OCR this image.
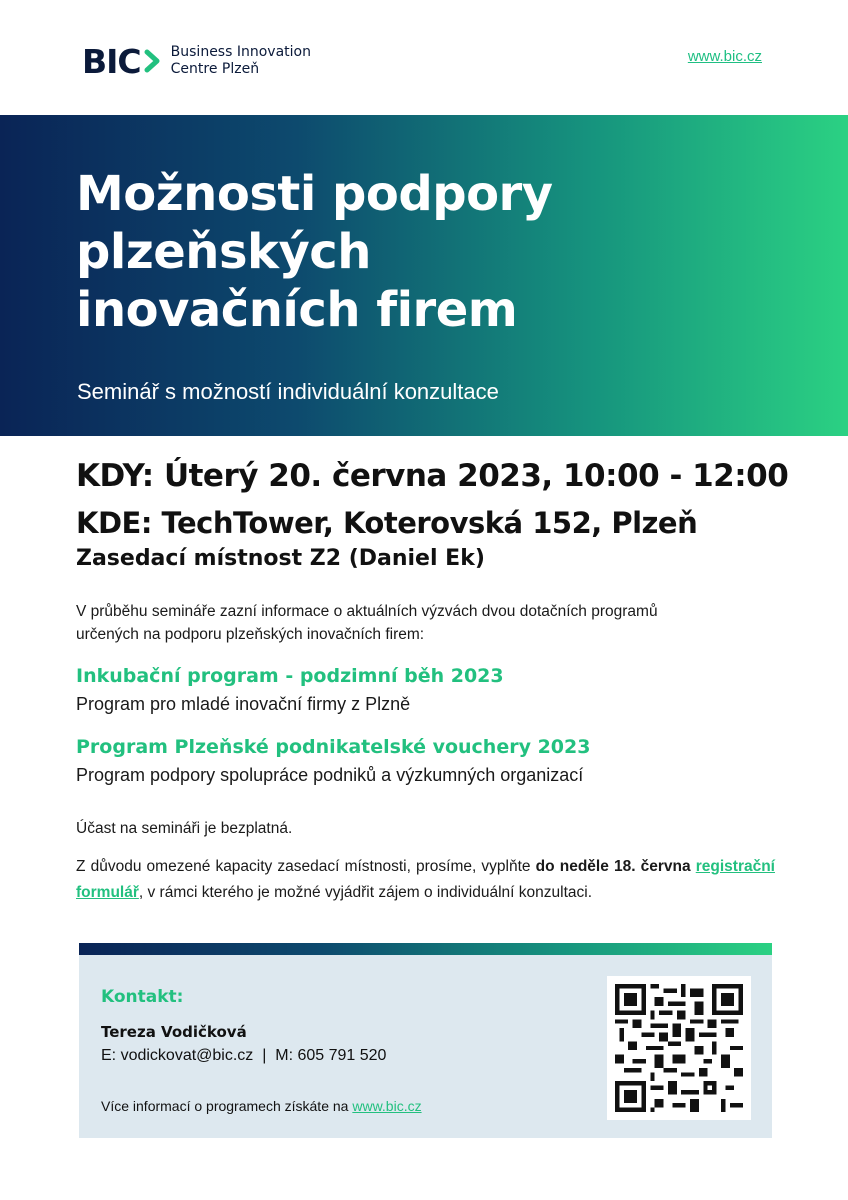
BIC Business Innovation
Centre Plzeň
www.bic.cz
Možnosti podpory
plzeňských
inovačních firem
Seminář s možností individuální konzultace
KDY: Úterý 20. června 2023, 10:00 - 12:00
KDE: TechTower, Koterovská 152, Plzeň
Zasedací místnost Z2 (Daniel Ek)
V průběhu semináře zazní informace o aktuálních výzvách dvou dotačních programů
určených na podporu plzeňských inovačních firem:
Inkubační program - podzimní běh 2023
Program pro mladé inovační firmy z Plzně
Program Plzeňské podnikatelské vouchery 2023
Program podpory spolupráce podniků a výzkumných organizací
Účast na semináři je bezplatná.
Z důvodu omezené kapacity zasedací místnosti, prosíme, vyplňte do neděle 18. června registrační formulář, v rámci kterého je možné vyjádřit zájem o individuální konzultaci.
Kontakt:
Tereza Vodičková
E: vodickovat@bic.cz  |  M: 605 791 520
Více informací o programech získáte na www.bic.cz
